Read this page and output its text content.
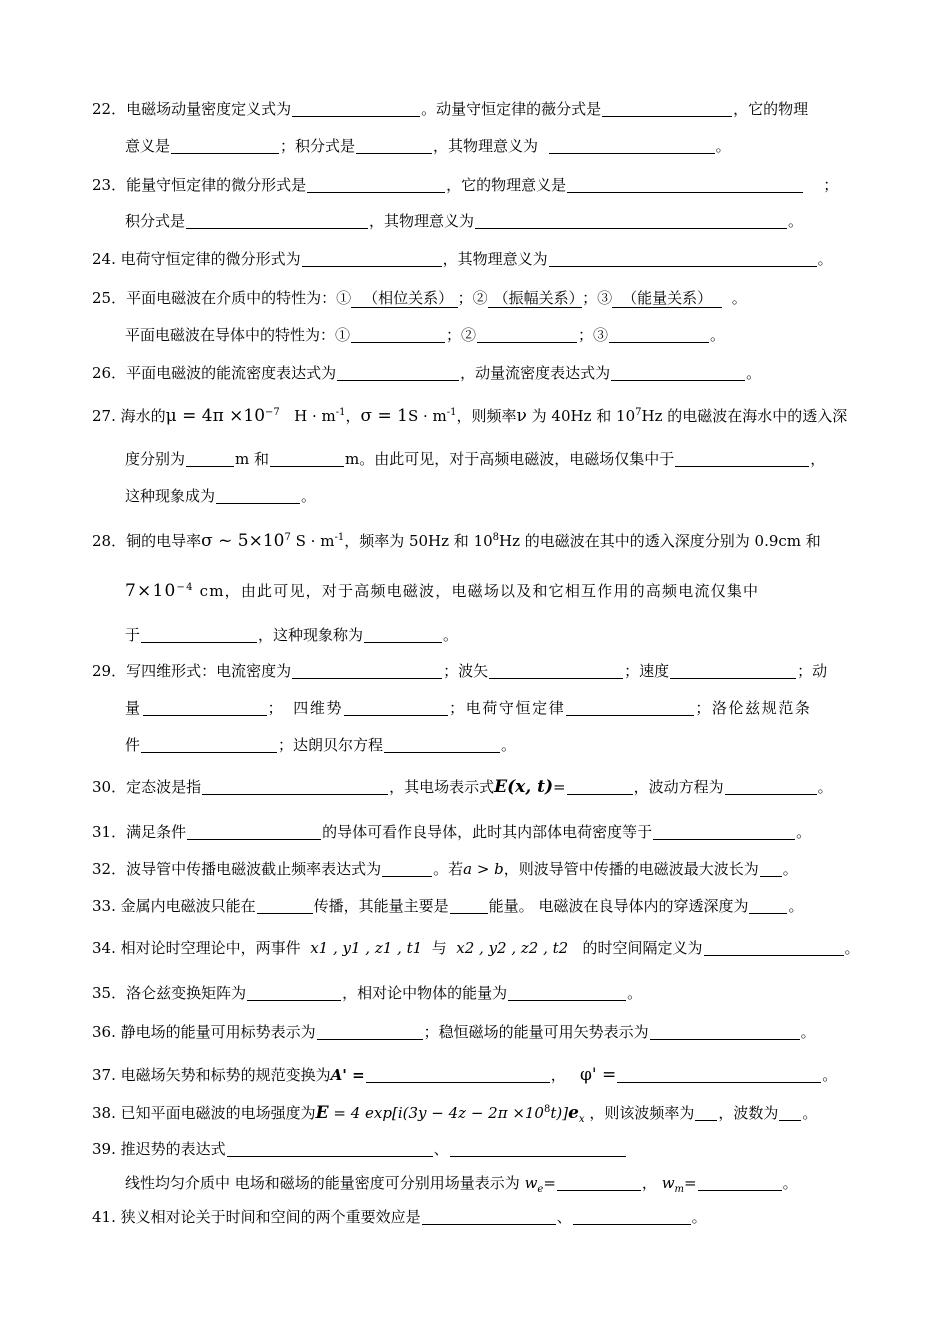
22．电磁场动量密度定义式为	。动量守恒定律的薇分式是	，它的物理
意义是	；积分式是	，其物理意义为	。
23．能量守恒定律的微分形式是	，它的物理意义是	；
积分式是	，其物理意义为	。
24. 电荷守恒定律的微分形式为	，其物理意义为	。
25．平面电磁波在介质中的特性为：① （相位关系） ；② （振幅关系） ；③ （能量关系） 。
平面电磁波在导体中的特性为：①	；②	；③	。
26．平面电磁波的能流密度表达式为	，动量流密度表达式为	。
27. 海水的$\mu = 4\pi \times 10^{-7}$ $H \cdot m^{-1}$，$\sigma = 1S \cdot m^{-1}$，则频率ν 为 40Hz 和 $10^7Hz$ 的电磁波在海水中的透入深
度分别为	m 和	m。由此可见，对于高频电磁波，电磁场仅集中于	，
这种现象成为	。
28．铜的电导率σ ~ $5\times 10^7$ $S \cdot m^{-1}$，频率为 50Hz 和 $10^8Hz$ 的电磁波在其中的透入深度分别为 0.9cm 和
$7\times 10^{-4}$ cm，由此可见，对于高频电磁波，电磁场以及和它相互作用的高频电流仅集中
于	，这种现象称为	。
29．写四维形式：电流密度为	；波矢	；速度	；动
量	；　四维势	；电荷守恒定律	；洛伦兹规范条
件	；达朗贝尔方程	。
30．定态波是指	，其电场表示式E(x, t)=	，波动方程为	。
31．满足条件	的导体可看作良导体，此时其内部体电荷密度等于	。
32．波导管中传播电磁波截止频率表达式为	。若a > b，则波导管中传播的电磁波最大波长为 。
33. 金属内电磁波只能在	传播，其能量主要是	能量。 电磁波在良导体内的穿透深度为	。
34. 相对论时空理论中，两事件 x1 , y1 , z1 , t1 与 x2 , y2 , z2 , t2 的时空间隔定义为	。
35．洛仑兹变换矩阵为	，相对论中物体的能量为	。
36. 静电场的能量可用标势表示为	；稳恒磁场的能量可用矢势表示为	。
37. 电磁场矢势和标势的规范变换为A' =	， φ' =	。
38. 已知平面电磁波的电场强度为E = 4 $\exp[i(3y - 4z - 2\pi \times 10^8t)]e_x$ ，则该波频率为 ，波数为 。
39. 推迟势的表达式	、
线性均匀介质中 电场和磁场的能量密度可分别用场量表示为 $w_e=$	， $w_m=$	。
41. 狭义相对论关于时间和空间的两个重要效应是	、	。
